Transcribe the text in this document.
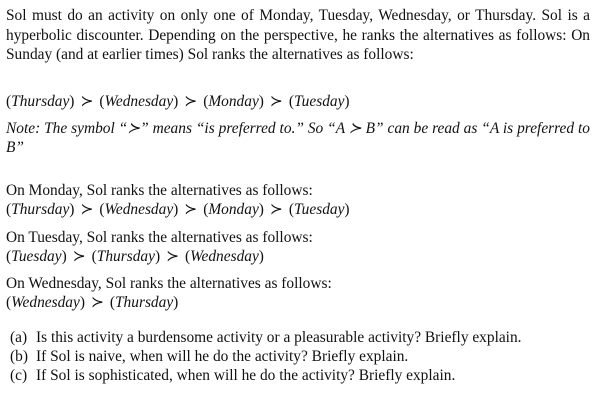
Sol must do an activity on only one of Monday, Tuesday, Wednesday, or Thursday. Sol is a hyperbolic discounter. Depending on the perspective, he ranks the alternatives as follows: On Sunday (and at earlier times) Sol ranks the alternatives as follows:

(Thursday) ≻ (Wednesday) ≻ (Monday) ≻ (Tuesday)

Note: The symbol “≻” means “is preferred to.” So “A ≻ B” can be read as “A is preferred to B”

On Monday, Sol ranks the alternatives as follows:

(Thursday) ≻ (Wednesday) ≻ (Monday) ≻ (Tuesday)

On Tuesday, Sol ranks the alternatives as follows:

(Tuesday) ≻ (Thursday) ≻ (Wednesday)

On Wednesday, Sol ranks the alternatives as follows:

(Wednesday) ≻ (Thursday)

(a) Is this activity a burdensome activity or a pleasurable activity? Briefly explain.
(b) If Sol is naive, when will he do the activity? Briefly explain.
(c) If Sol is sophisticated, when will he do the activity? Briefly explain.
